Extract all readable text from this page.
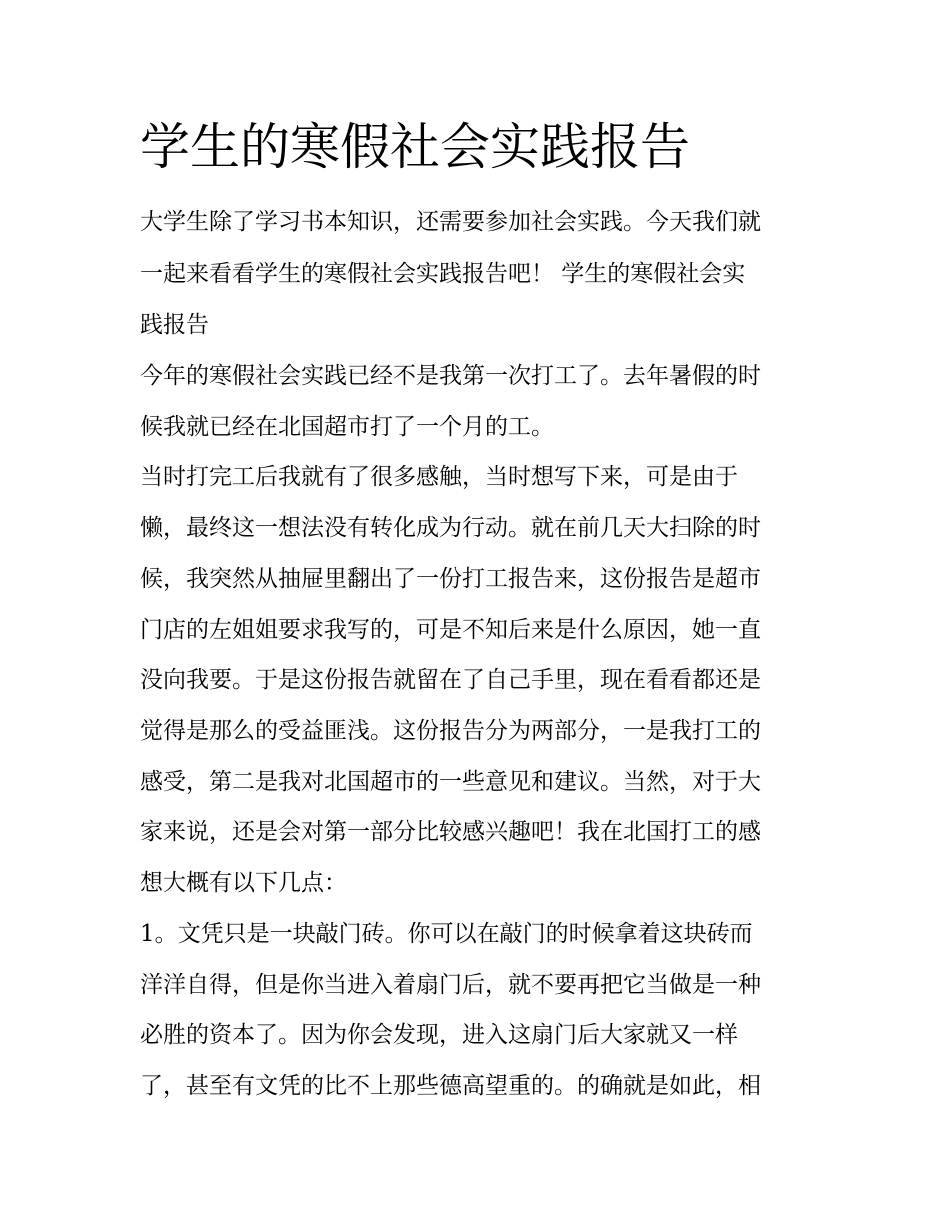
学生的寒假社会实践报告

大学生除了学习书本知识，还需要参加社会实践。今天我们就

一起来看看学生的寒假社会实践报告吧！ 学生的寒假社会实

践报告

今年的寒假社会实践已经不是我第一次打工了。去年暑假的时

候我就已经在北国超市打了一个月的工。

当时打完工后我就有了很多感触，当时想写下来，可是由于

懒，最终这一想法没有转化成为行动。就在前几天大扫除的时

候，我突然从抽屉里翻出了一份打工报告来，这份报告是超市

门店的左姐姐要求我写的，可是不知后来是什么原因，她一直

没向我要。于是这份报告就留在了自己手里，现在看看都还是

觉得是那么的受益匪浅。这份报告分为两部分，一是我打工的

感受，第二是我对北国超市的一些意见和建议。当然，对于大

家来说，还是会对第一部分比较感兴趣吧！我在北国打工的感

想大概有以下几点：

1。文凭只是一块敲门砖。你可以在敲门的时候拿着这块砖而

洋洋自得，但是你当进入着扇门后，就不要再把它当做是一种

必胜的资本了。因为你会发现，进入这扇门后大家就又一样

了，甚至有文凭的比不上那些德高望重的。的确就是如此，相
